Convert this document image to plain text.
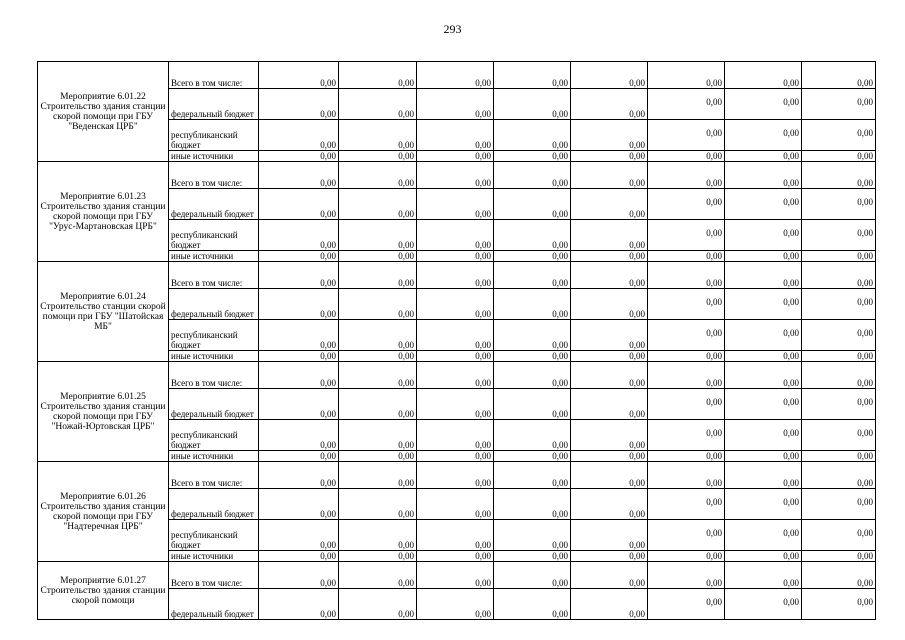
293
Мероприятие 6.01.22 Строительство здания станции скорой помощи при ГБУ "Веденская ЦРБ"	Всего в том числе:	0,00	0,00	0,00	0,00	0,00	0,00	0,00	0,00
	федеральный бюджет	0,00	0,00	0,00	0,00	0,00	0,00	0,00	0,00
	республиканский бюджет	0,00	0,00	0,00	0,00	0,00	0,00	0,00	0,00
	иные источники	0,00	0,00	0,00	0,00	0,00	0,00	0,00	0,00
Мероприятие 6.01.23 Строительство здания станции скорой помощи при ГБУ "Урус-Мартановская ЦРБ"	Всего в том числе:	0,00	0,00	0,00	0,00	0,00	0,00	0,00	0,00
	федеральный бюджет	0,00	0,00	0,00	0,00	0,00	0,00	0,00	0,00
	республиканский бюджет	0,00	0,00	0,00	0,00	0,00	0,00	0,00	0,00
	иные источники	0,00	0,00	0,00	0,00	0,00	0,00	0,00	0,00
Мероприятие 6.01.24 Строительство станции скорой помощи при ГБУ "Шатойская МБ"	Всего в том числе:	0,00	0,00	0,00	0,00	0,00	0,00	0,00	0,00
	федеральный бюджет	0,00	0,00	0,00	0,00	0,00	0,00	0,00	0,00
	республиканский бюджет	0,00	0,00	0,00	0,00	0,00	0,00	0,00	0,00
	иные источники	0,00	0,00	0,00	0,00	0,00	0,00	0,00	0,00
Мероприятие 6.01.25 Строительство здания станции скорой помощи при ГБУ "Ножай-Юртовская ЦРБ"	Всего в том числе:	0,00	0,00	0,00	0,00	0,00	0,00	0,00	0,00
	федеральный бюджет	0,00	0,00	0,00	0,00	0,00	0,00	0,00	0,00
	республиканский бюджет	0,00	0,00	0,00	0,00	0,00	0,00	0,00	0,00
	иные источники	0,00	0,00	0,00	0,00	0,00	0,00	0,00	0,00
Мероприятие 6.01.26 Строительство здания станции скорой помощи при ГБУ "Надтеречная ЦРБ"	Всего в том числе:	0,00	0,00	0,00	0,00	0,00	0,00	0,00	0,00
	федеральный бюджет	0,00	0,00	0,00	0,00	0,00	0,00	0,00	0,00
	республиканский бюджет	0,00	0,00	0,00	0,00	0,00	0,00	0,00	0,00
	иные источники	0,00	0,00	0,00	0,00	0,00	0,00	0,00	0,00
Мероприятие 6.01.27 Строительство здания станции скорой помощи	Всего в том числе:	0,00	0,00	0,00	0,00	0,00	0,00	0,00	0,00
	федеральный бюджет	0,00	0,00	0,00	0,00	0,00	0,00	0,00	0,00
